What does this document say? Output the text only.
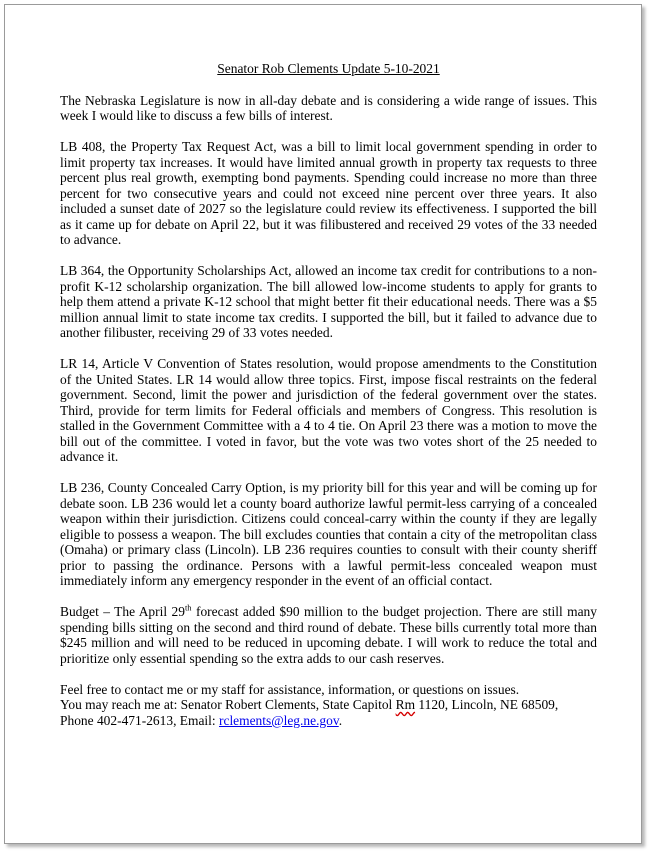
Senator Rob Clements Update 5-10-2021

The Nebraska Legislature is now in all-day debate and is considering a wide range of issues. This week I would like to discuss a few bills of interest.

LB 408, the Property Tax Request Act, was a bill to limit local government spending in order to limit property tax increases. It would have limited annual growth in property tax requests to three percent plus real growth, exempting bond payments. Spending could increase no more than three percent for two consecutive years and could not exceed nine percent over three years. It also included a sunset date of 2027 so the legislature could review its effectiveness. I supported the bill as it came up for debate on April 22, but it was filibustered and received 29 votes of the 33 needed to advance.

LB 364, the Opportunity Scholarships Act, allowed an income tax credit for contributions to a non-profit K-12 scholarship organization. The bill allowed low-income students to apply for grants to help them attend a private K-12 school that might better fit their educational needs. There was a $5 million annual limit to state income tax credits. I supported the bill, but it failed to advance due to another filibuster, receiving 29 of 33 votes needed.

LR 14, Article V Convention of States resolution, would propose amendments to the Constitution of the United States. LR 14 would allow three topics. First, impose fiscal restraints on the federal government. Second, limit the power and jurisdiction of the federal government over the states. Third, provide for term limits for Federal officials and members of Congress. This resolution is stalled in the Government Committee with a 4 to 4 tie. On April 23 there was a motion to move the bill out of the committee. I voted in favor, but the vote was two votes short of the 25 needed to advance it.

LB 236, County Concealed Carry Option, is my priority bill for this year and will be coming up for debate soon. LB 236 would let a county board authorize lawful permit-less carrying of a concealed weapon within their jurisdiction. Citizens could conceal-carry within the county if they are legally eligible to possess a weapon. The bill excludes counties that contain a city of the metropolitan class (Omaha) or primary class (Lincoln). LB 236 requires counties to consult with their county sheriff prior to passing the ordinance. Persons with a lawful permit-less concealed weapon must immediately inform any emergency responder in the event of an official contact.

Budget – The April 29th forecast added $90 million to the budget projection. There are still many spending bills sitting on the second and third round of debate. These bills currently total more than $245 million and will need to be reduced in upcoming debate. I will work to reduce the total and prioritize only essential spending so the extra adds to our cash reserves.

Feel free to contact me or my staff for assistance, information, or questions on issues.
You may reach me at: Senator Robert Clements, State Capitol Rm 1120, Lincoln, NE 68509,
Phone 402-471-2613, Email: rclements@leg.ne.gov.
